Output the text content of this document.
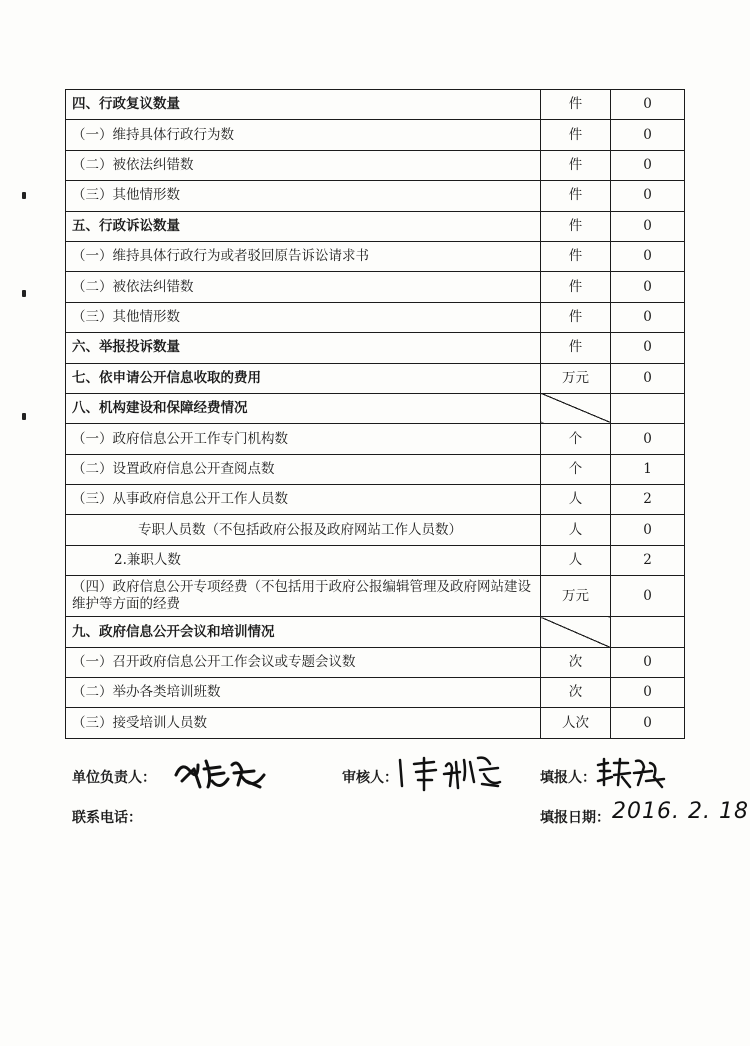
四、行政复议数量	件	0
（一）维持具体行政行为数	件	0
（二）被依法纠错数	件	0
（三）其他情形数	件	0
五、行政诉讼数量	件	0
（一）维持具体行政行为或者驳回原告诉讼请求书	件	0
（二）被依法纠错数	件	0
（三）其他情形数	件	0
六、举报投诉数量	件	0
七、依申请公开信息收取的费用	万元	0
八、机构建设和保障经费情况		
（一）政府信息公开工作专门机构数	个	0
（二）设置政府信息公开查阅点数	个	1
（三）从事政府信息公开工作人员数	人	2
专职人员数（不包括政府公报及政府网站工作人员数）	人	0
2.兼职人数	人	2
（四）政府信息公开专项经费（不包括用于政府公报编辑管理及政府网站建设维护等方面的经费	万元	0
九、政府信息公开会议和培训情况		
（一）召开政府信息公开工作会议或专题会议数	次	0
（二）举办各类培训班数	次	0
（三）接受培训人员数	人次	0
单位负责人：	审核人：	填报人：
联系电话：	填报日期： 2016. 2. 18
